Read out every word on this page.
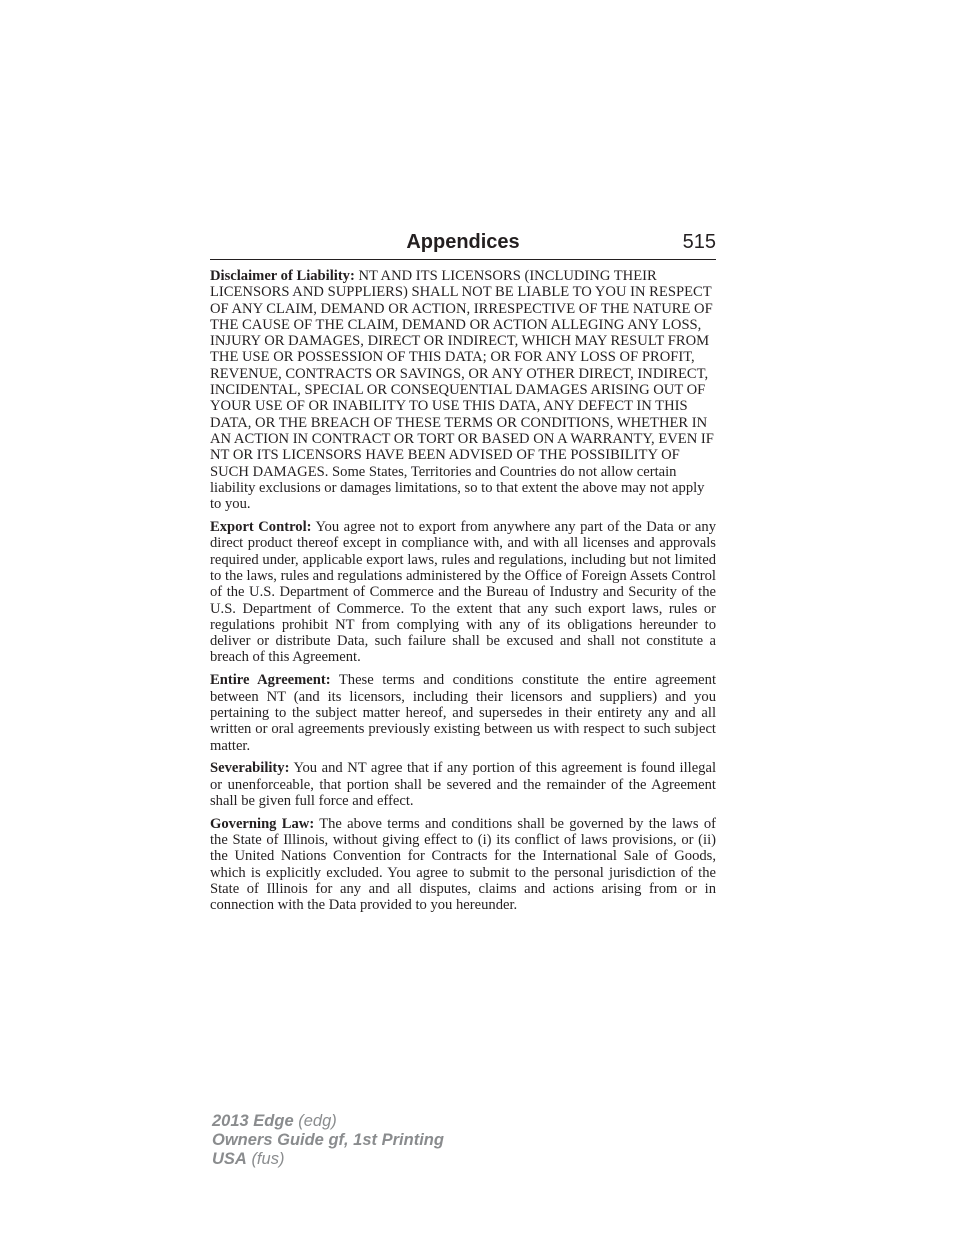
Appendices	515

Disclaimer of Liability: NT AND ITS LICENSORS (INCLUDING THEIR LICENSORS AND SUPPLIERS) SHALL NOT BE LIABLE TO YOU IN RESPECT OF ANY CLAIM, DEMAND OR ACTION, IRRESPECTIVE OF THE NATURE OF THE CAUSE OF THE CLAIM, DEMAND OR ACTION ALLEGING ANY LOSS, INJURY OR DAMAGES, DIRECT OR INDIRECT, WHICH MAY RESULT FROM THE USE OR POSSESSION OF THIS DATA; OR FOR ANY LOSS OF PROFIT, REVENUE, CONTRACTS OR SAVINGS, OR ANY OTHER DIRECT, INDIRECT, INCIDENTAL, SPECIAL OR CONSEQUENTIAL DAMAGES ARISING OUT OF YOUR USE OF OR INABILITY TO USE THIS DATA, ANY DEFECT IN THIS DATA, OR THE BREACH OF THESE TERMS OR CONDITIONS, WHETHER IN AN ACTION IN CONTRACT OR TORT OR BASED ON A WARRANTY, EVEN IF NT OR ITS LICENSORS HAVE BEEN ADVISED OF THE POSSIBILITY OF SUCH DAMAGES. Some States, Territories and Countries do not allow certain liability exclusions or damages limitations, so to that extent the above may not apply to you.

Export Control: You agree not to export from anywhere any part of the Data or any direct product thereof except in compliance with, and with all licenses and approvals required under, applicable export laws, rules and regulations, including but not limited to the laws, rules and regulations administered by the Office of Foreign Assets Control of the U.S. Department of Commerce and the Bureau of Industry and Security of the U.S. Department of Commerce. To the extent that any such export laws, rules or regulations prohibit NT from complying with any of its obligations hereunder to deliver or distribute Data, such failure shall be excused and shall not constitute a breach of this Agreement.

Entire Agreement: These terms and conditions constitute the entire agreement between NT (and its licensors, including their licensors and suppliers) and you pertaining to the subject matter hereof, and supersedes in their entirety any and all written or oral agreements previously existing between us with respect to such subject matter.

Severability: You and NT agree that if any portion of this agreement is found illegal or unenforceable, that portion shall be severed and the remainder of the Agreement shall be given full force and effect.

Governing Law: The above terms and conditions shall be governed by the laws of the State of Illinois, without giving effect to (i) its conflict of laws provisions, or (ii) the United Nations Convention for Contracts for the International Sale of Goods, which is explicitly excluded. You agree to submit to the personal jurisdiction of the State of Illinois for any and all disputes, claims and actions arising from or in connection with the Data provided to you hereunder.

2013 Edge (edg)
Owners Guide gf, 1st Printing
USA (fus)
